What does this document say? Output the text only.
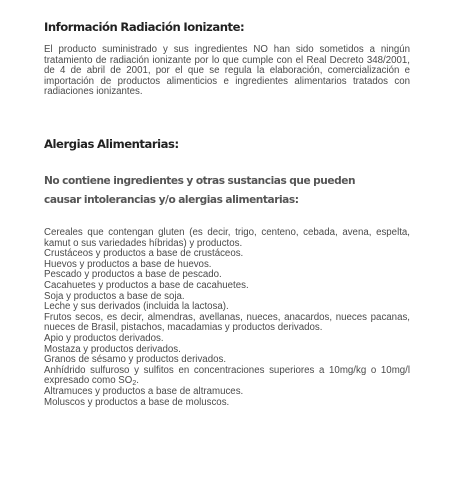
Información Radiación Ionizante:

El producto suministrado y sus ingredientes NO han sido sometidos a ningún tratamiento de radiación ionizante por lo que cumple con el Real Decreto 348/2001, de 4 de abril de 2001, por el que se regula la elaboración, comercialización e importación de productos alimenticios e ingredientes alimentarios tratados con radiaciones ionizantes.

Alergias Alimentarias:

No contiene ingredientes y otras sustancias que pueden causar intolerancias y/o alergias alimentarias:

Cereales que contengan gluten (es decir, trigo, centeno, cebada, avena, espelta, kamut o sus variedades híbridas) y productos.
Crustáceos y productos a base de crustáceos.
Huevos y productos a base de huevos.
Pescado y productos a base de pescado.
Cacahuetes y productos a base de cacahuetes.
Soja y productos a base de soja.
Leche y sus derivados (incluida la lactosa).
Frutos secos, es decir, almendras, avellanas, nueces, anacardos, nueces pacanas, nueces de Brasil, pistachos, macadamias y productos derivados.
Apio y productos derivados.
Mostaza y productos derivados.
Granos de sésamo y productos derivados.
Anhídrido sulfuroso y sulfitos en concentraciones superiores a 10mg/kg o 10mg/l expresado como $SO_2$.
Altramuces y productos a base de altramuces.
Moluscos y productos a base de moluscos.
